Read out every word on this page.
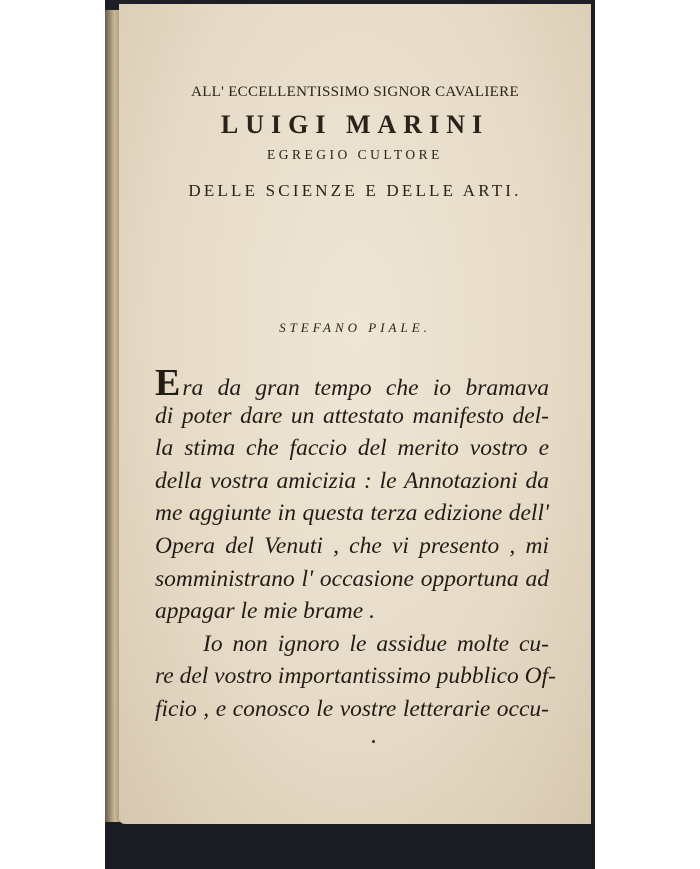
ALL' ECCELLENTISSIMO SIGNOR CAVALIERE
LUIGI MARINI
EGREGIO CULTORE
DELLE SCIENZE E DELLE ARTI.
STEFANO PIALE.
E ra da gran tempo che io bramava
di poter dare un attestato manifesto del-
la stima che faccio del merito vostro e
della vostra amicizia : le Annotazioni da
me aggiunte in questa terza edizione dell'
Opera del Venuti , che vi presento , mi
somministrano l' occasione opportuna ad
appagar le mie brame .
Io non ignoro le assidue molte cu-
re del vostro importantissimo pubblico Of-
ficio , e conosco le vostre letterarie occu-
